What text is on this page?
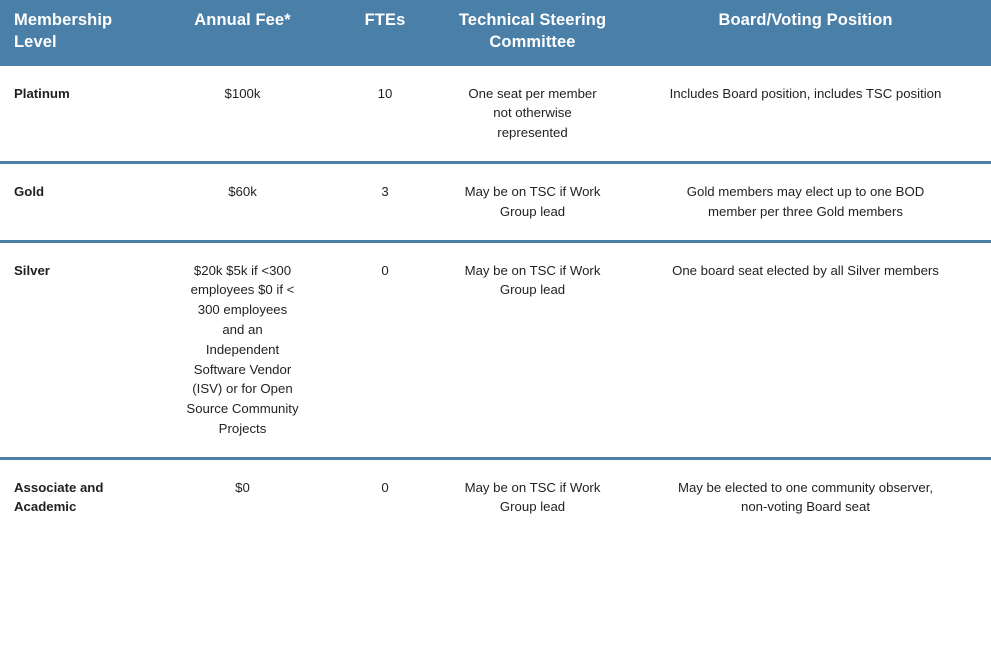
Membership Level	Annual Fee*	FTEs	Technical Steering Committee	Board/Voting Position
Platinum	$100k	10	One seat per member not otherwise represented	Includes Board position, includes TSC position
Gold	$60k	3	May be on TSC if Work Group lead	Gold members may elect up to one BOD member per three Gold members
Silver	$20k $5k if <300 employees $0 if < 300 employees and an Independent Software Vendor (ISV) or for Open Source Community Projects	0	May be on TSC if Work Group lead	One board seat elected by all Silver members
Associate and Academic	$0	0	May be on TSC if Work Group lead	May be elected to one community observer, non-voting Board seat
